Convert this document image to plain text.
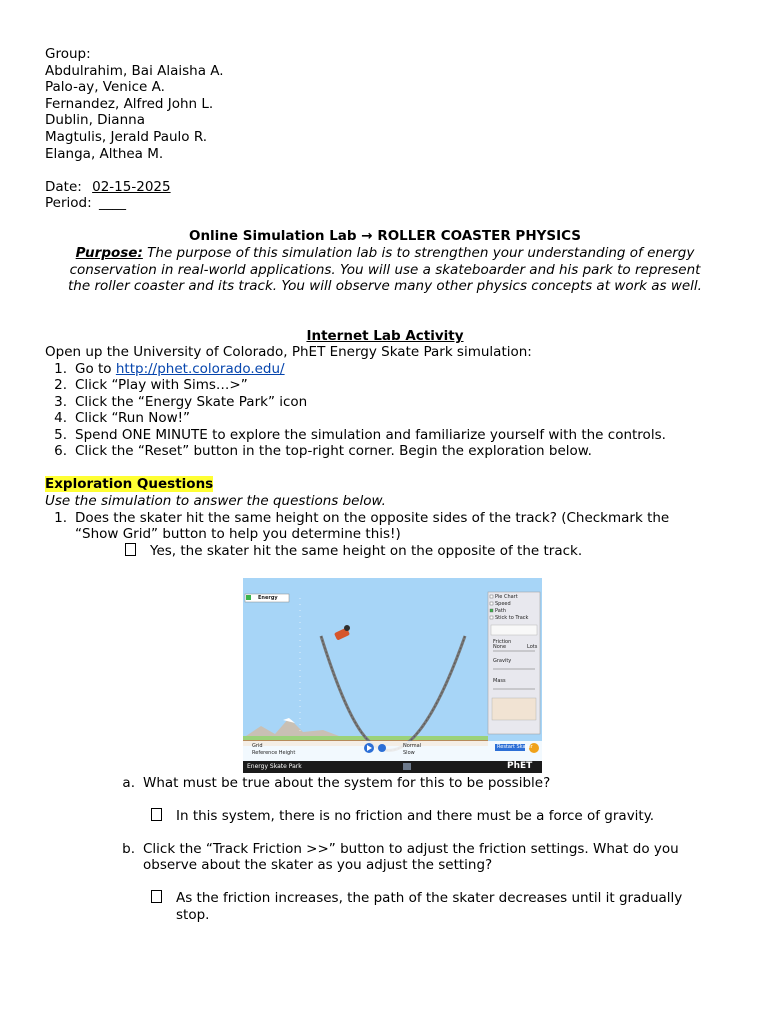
Group:
Abdulrahim, Bai Alaisha A.
Palo-ay, Venice A.
Fernandez, Alfred John L.
Dublin, Dianna
Magtulis, Jerald Paulo R.
Elanga, Althea M.
Date: 02-15-2025
Period: ____
Online Simulation Lab → ROLLER COASTER PHYSICS
Purpose: The purpose of this simulation lab is to strengthen your understanding of energy
conservation in real-world applications. You will use a skateboarder and his park to represent
the roller coaster and its track. You will observe many other physics concepts at work as well.
Internet Lab Activity
Open up the University of Colorado, PhET Energy Skate Park simulation:
1. Go to http://phet.colorado.edu/
2. Click “Play with Sims…>”
3. Click the “Energy Skate Park” icon
4. Click “Run Now!”
5. Spend ONE MINUTE to explore the simulation and familiarize yourself with the controls.
6. Click the “Reset” button in the top-right corner. Begin the exploration below.
Exploration Questions
Use the simulation to answer the questions below.
1. Does the skater hit the same height on the opposite sides of the track? (Checkmark the
“Show Grid” button to help you determine this!)
Yes, the skater hit the same height on the opposite of the track.
a. What must be true about the system for this to be possible?
In this system, there is no friction and there must be a force of gravity.
b. Click the “Track Friction >>” button to adjust the friction settings. What do you
observe about the skater as you adjust the setting?
As the friction increases, the path of the skater decreases until it gradually
stop.
Energy	Pie Chart
Speed
Path
Stick to Track
Friction
None	Lots
Gravity
Mass
Grid
Reference Height
Normal
Slow
Restart Skater
Energy Skate Park	PhET
